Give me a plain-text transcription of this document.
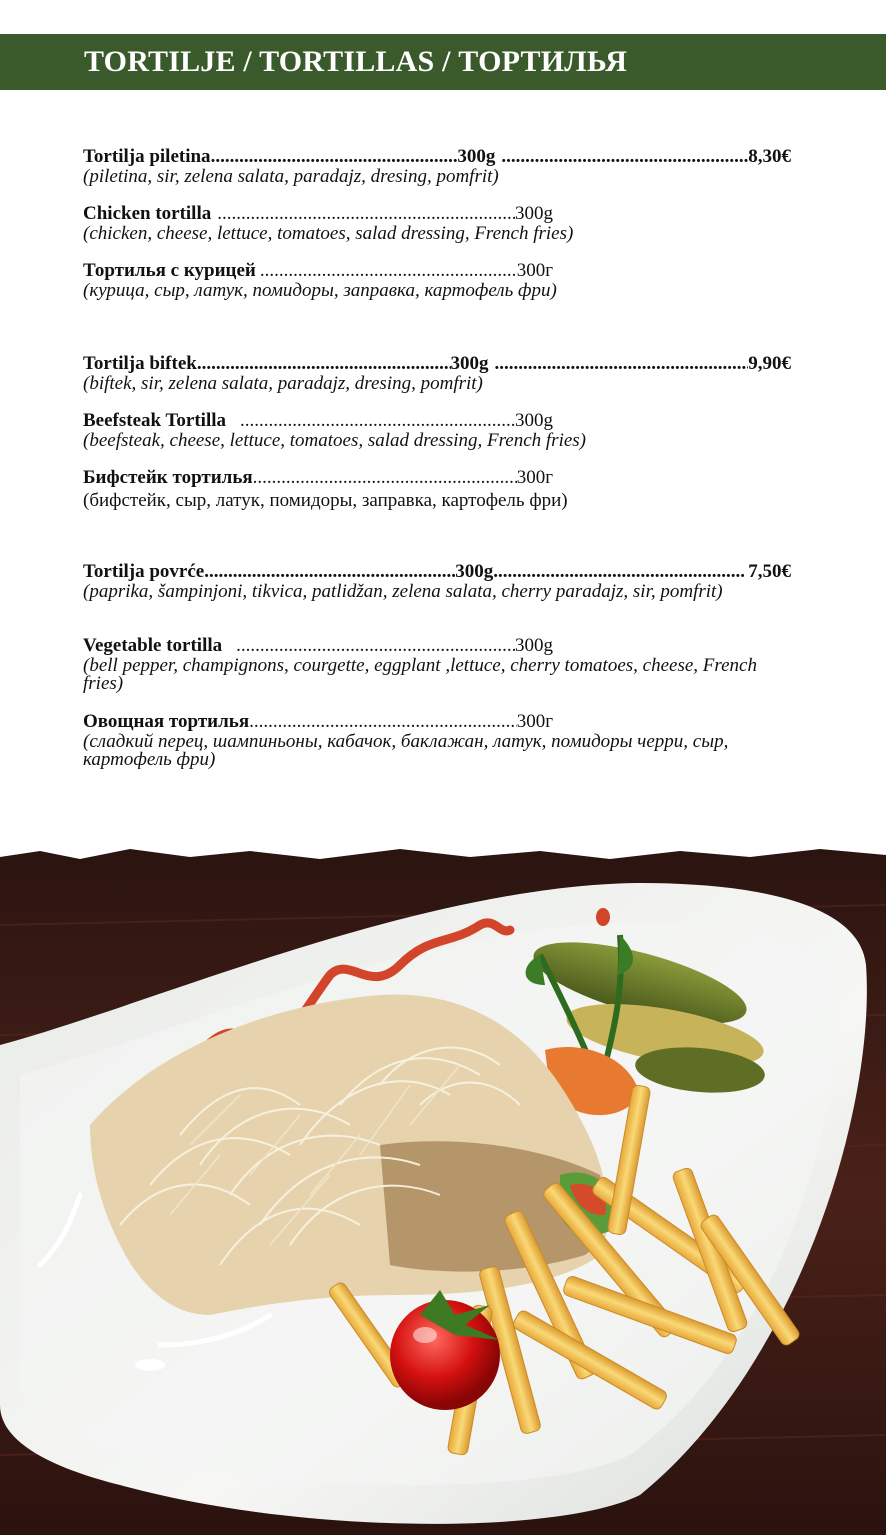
TORTILJE / TORTILLAS / ТОРТИЛЬЯ
Tortilja piletina .....	300g .....	8,30€
(piletina, sir, zelena salata, paradajz, dresing, pomfrit)
Chicken tortilla .....	300g
(chicken, cheese, lettuce, tomatoes, salad dressing, French fries)
Тортилья с курицей .....	300г
(курица, сыр, латук, помидоры, заправка, картофель фри)
Tortilja biftek .....	300g .....	9,90€
(biftek, sir, zelena salata, paradajz, dresing, pomfrit)
Beefsteak Tortilla .....	300g
(beefsteak, cheese, lettuce, tomatoes, salad dressing, French fries)
Бифстейк тортилья .....	300г
(бифстейк, сыр, латук, помидоры, заправка, картофель фри)
Tortilja povrće .....	300g .....	7,50€
(paprika, šampinjoni, tikvica, patlidžan, zelena salata, cherry paradajz, sir, pomfrit)
Vegetable tortilla .....	300g
(bell pepper, champignons, courgette, eggplant ,lettuce, cherry tomatoes, cheese, French fries)
Овощная тортилья .....	300г
(сладкий перец, шампиньоны, кабачок, баклажан, латук, помидоры черри, сыр, картофель фри)
